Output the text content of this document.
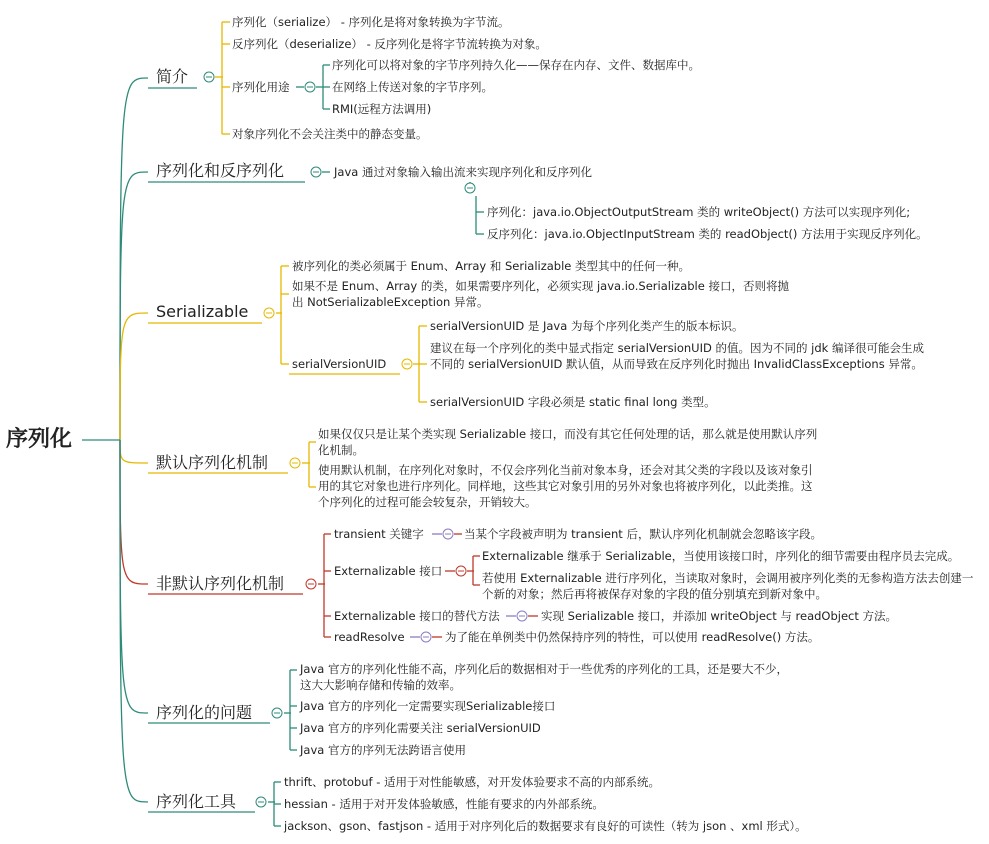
序列化
简介
序列化（serialize） - 序列化是将对象转换为字节流。
反序列化（deserialize） - 反序列化是将字节流转换为对象。
序列化用途
对象序列化不会关注类中的静态变量。
序列化可以将对象的字节序列持久化——保存在内存、文件、数据库中。
在网络上传送对象的字节序列。
RMI(远程方法调用)
序列化和反序列化	Java 通过对象输入输出流来实现序列化和反序列化
序列化：java.io.ObjectOutputStream 类的 writeObject() 方法可以实现序列化;
反序列化：java.io.ObjectInputStream 类的 readObject() 方法用于实现反序列化。
Serializable
被序列化的类必须属于 Enum、Array 和 Serializable 类型其中的任何一种。
如果不是 Enum、Array 的类，如果需要序列化，必须实现 java.io.Serializable 接口，否则将抛出 NotSerializableException 异常。
serialVersionUID
serialVersionUID 是 Java 为每个序列化类产生的版本标识。
建议在每一个序列化的类中显式指定 serialVersionUID 的值。因为不同的 jdk 编译很可能会生成不同的 serialVersionUID 默认值，从而导致在反序列化时抛出 InvalidClassExceptions 异常。
serialVersionUID 字段必须是 static final long 类型。
默认序列化机制
如果仅仅只是让某个类实现 Serializable 接口，而没有其它任何处理的话，那么就是使用默认序列化机制。
使用默认机制，在序列化对象时，不仅会序列化当前对象本身，还会对其父类的字段以及该对象引用的其它对象也进行序列化。同样地，这些其它对象引用的另外对象也将被序列化，以此类推。这个序列化的过程可能会较复杂，开销较大。
非默认序列化机制
transient 关键字	当某个字段被声明为 transient 后，默认序列化机制就会忽略该字段。
Externalizable 接口
Externalizable 继承于 Serializable，当使用该接口时，序列化的细节需要由程序员去完成。
若使用 Externalizable 进行序列化，当读取对象时，会调用被序列化类的无参构造方法去创建一个新的对象；然后再将被保存对象的字段的值分别填充到新对象中。
Externalizable 接口的替代方法	实现 Serializable 接口，并添加 writeObject 与 readObject 方法。
readResolve	为了能在单例类中仍然保持序列的特性，可以使用 readResolve() 方法。
序列化的问题
Java 官方的序列化性能不高，序列化后的数据相对于一些优秀的序列化的工具，还是要大不少，这大大影响存储和传输的效率。
Java 官方的序列化一定需要实现Serializable接口
Java 官方的序列化需要关注 serialVersionUID
Java 官方的序列无法跨语言使用
序列化工具
thrift、protobuf - 适用于对性能敏感，对开发体验要求不高的内部系统。
hessian - 适用于对开发体验敏感，性能有要求的内外部系统。
jackson、gson、fastjson - 适用于对序列化后的数据要求有良好的可读性（转为 json 、xml 形式）。
